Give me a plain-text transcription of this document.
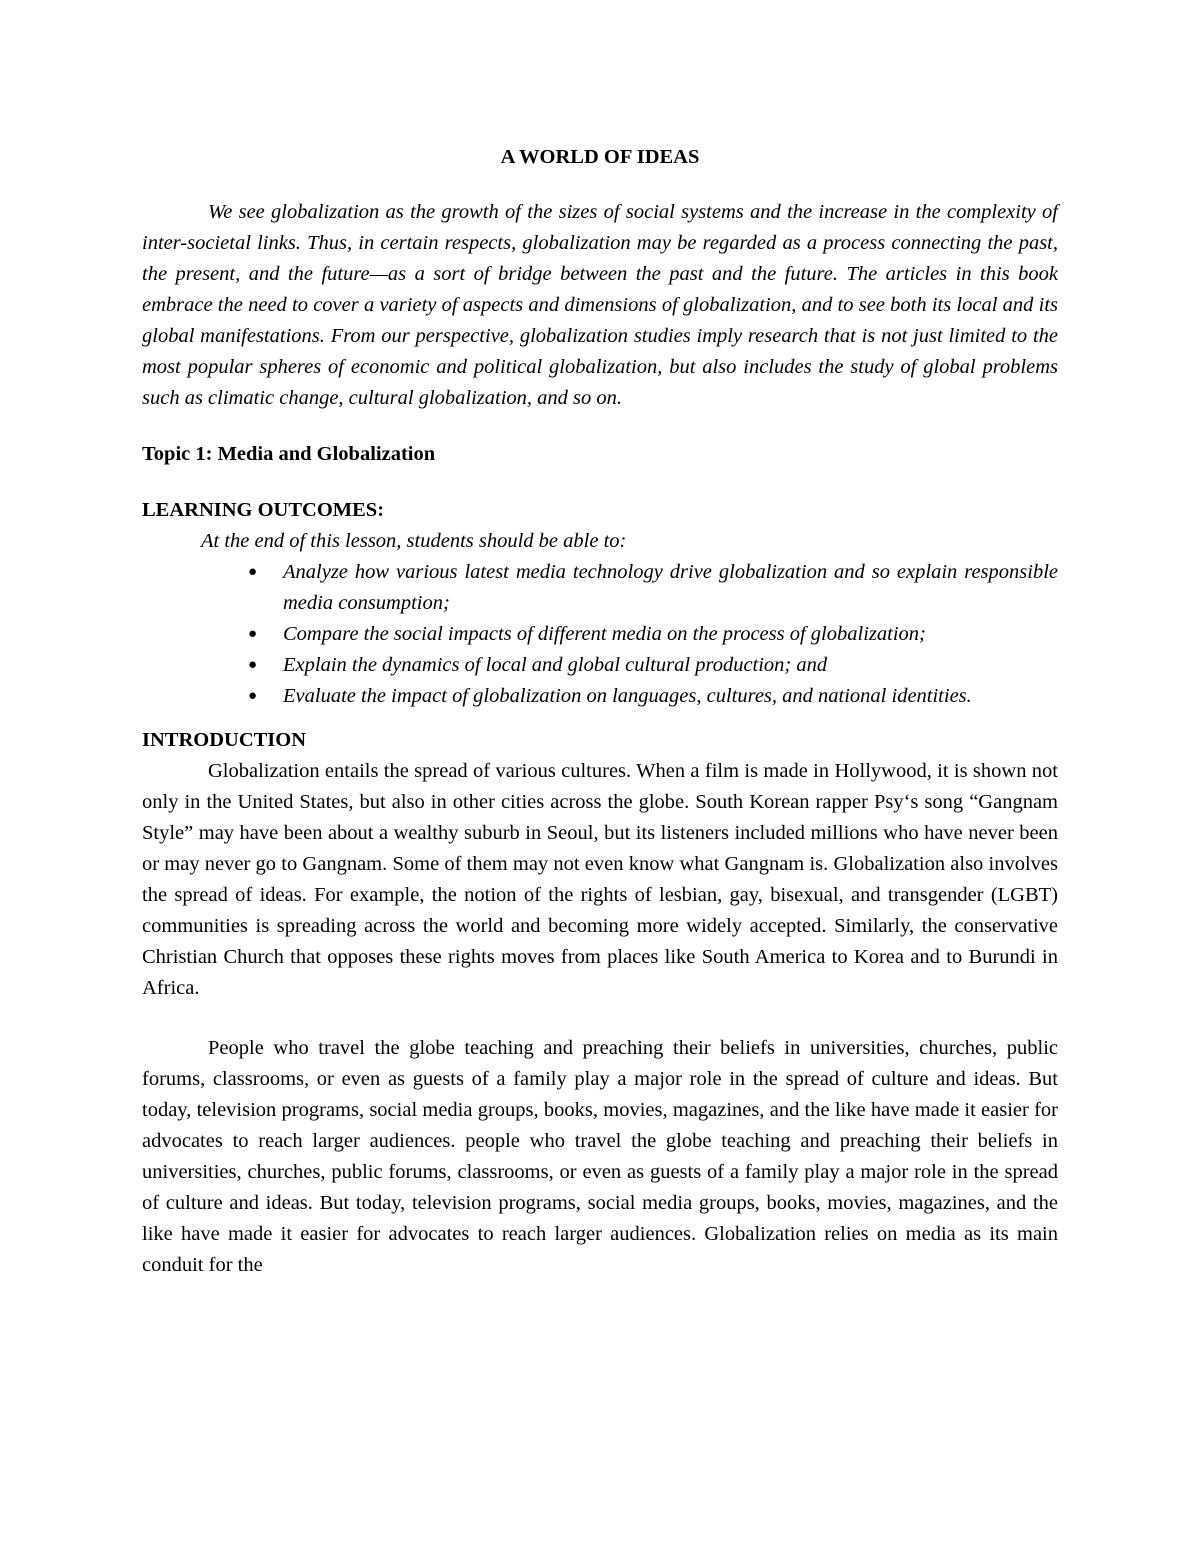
A WORLD OF IDEAS

We see globalization as the growth of the sizes of social systems and the increase in the complexity of inter-societal links. Thus, in certain respects, globalization may be regarded as a process connecting the past, the present, and the future—as a sort of bridge between the past and the future. The articles in this book embrace the need to cover a variety of aspects and dimensions of globalization, and to see both its local and its global manifestations. From our perspective, globalization studies imply research that is not just limited to the most popular spheres of economic and political globalization, but also includes the study of global problems such as climatic change, cultural globalization, and so on.

Topic 1: Media and Globalization
LEARNING OUTCOMES:
At the end of this lesson, students should be able to:
● Analyze how various latest media technology drive globalization and so explain responsible media consumption;
● Compare the social impacts of different media on the process of globalization;
● Explain the dynamics of local and global cultural production; and
● Evaluate the impact of globalization on languages, cultures, and national identities.
INTRODUCTION

Globalization entails the spread of various cultures. When a film is made in Hollywood, it is shown not only in the United States, but also in other cities across the globe. South Korean rapper Psy‘s song “Gangnam Style” may have been about a wealthy suburb in Seoul, but its listeners included millions who have never been or may never go to Gangnam. Some of them may not even know what Gangnam is. Globalization also involves the spread of ideas. For example, the notion of the rights of lesbian, gay, bisexual, and transgender (LGBT) communities is spreading across the world and becoming more widely accepted. Similarly, the conservative Christian Church that opposes these rights moves from places like South America to Korea and to Burundi in Africa.

People who travel the globe teaching and preaching their beliefs in universities, churches, public forums, classrooms, or even as guests of a family play a major role in the spread of culture and ideas. But today, television programs, social media groups, books, movies, magazines, and the like have made it easier for advocates to reach larger audiences. people who travel the globe teaching and preaching their beliefs in universities, churches, public forums, classrooms, or even as guests of a family play a major role in the spread of culture and ideas. But today, television programs, social media groups, books, movies, magazines, and the like have made it easier for advocates to reach larger audiences. Globalization relies on media as its main conduit for the
